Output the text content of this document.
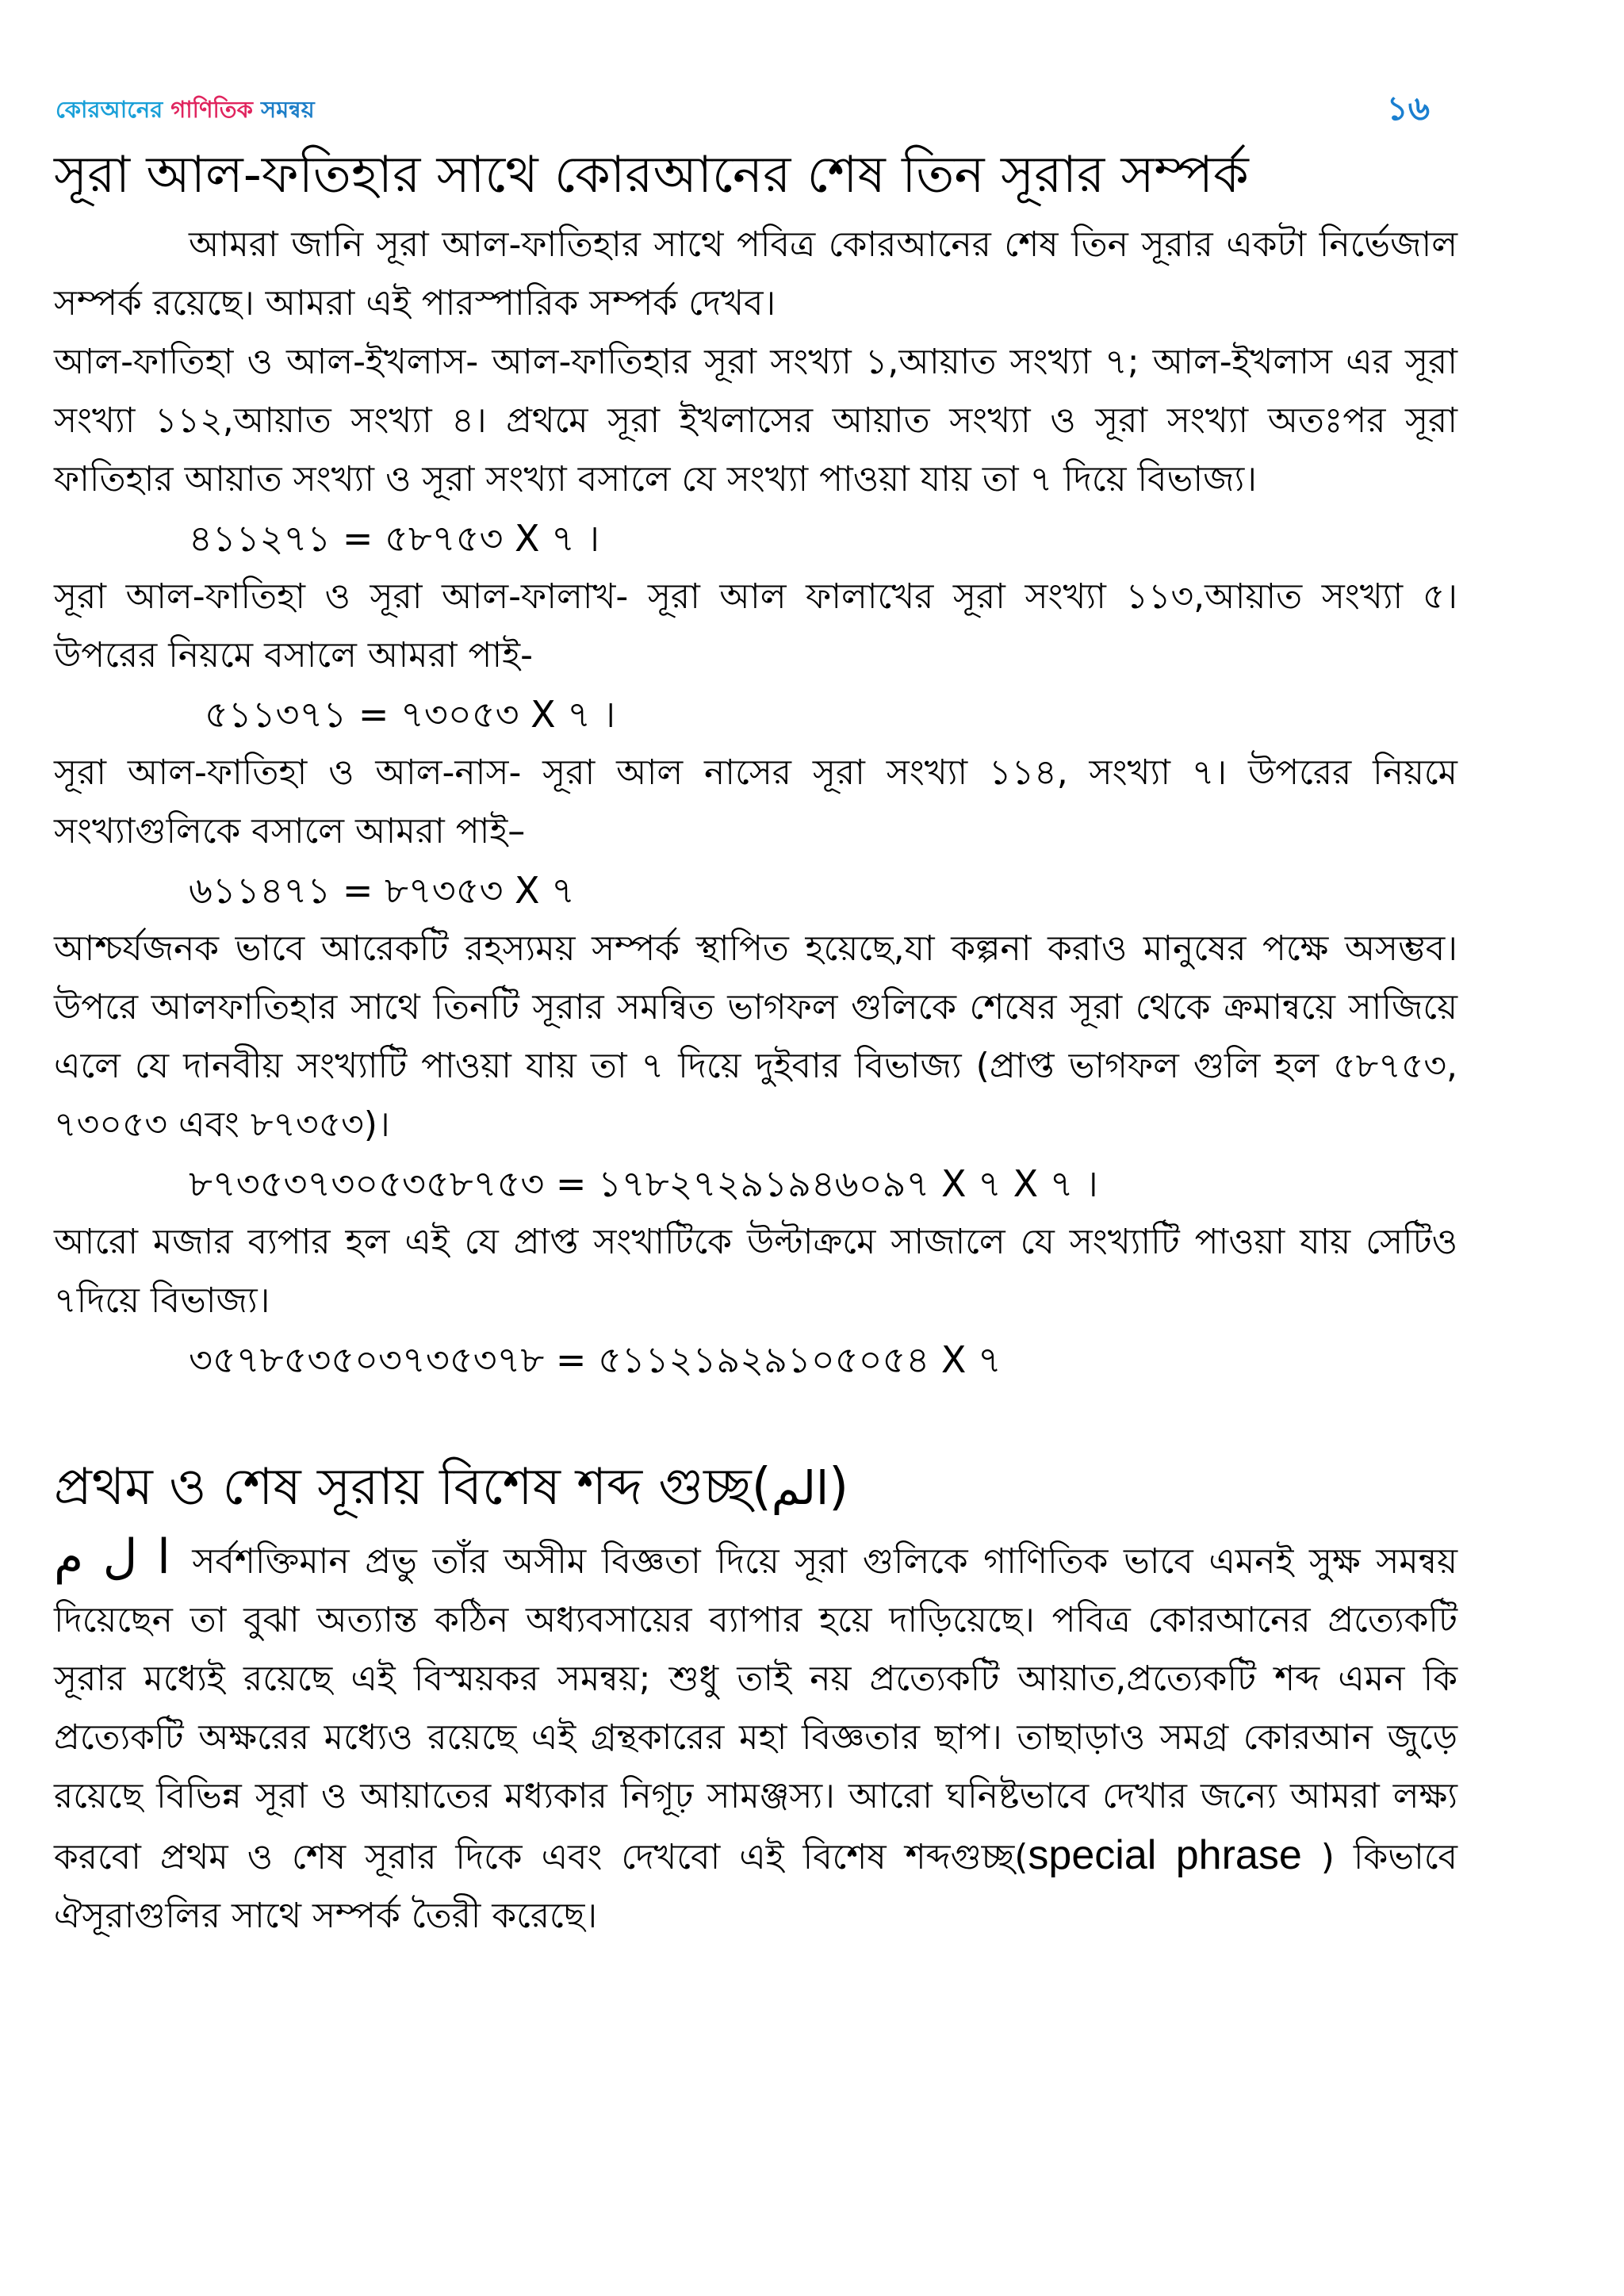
কোরআনের গাণিতিক সমন্বয়	১৬
সূরা আল-ফতিহার সাথে কোরআনের শেষ তিন সূরার সম্পর্ক

আমরা জানি সূরা আল-ফাতিহার সাথে পবিত্র কোরআনের শেষ তিন সূরার একটা নির্ভেজাল সম্পর্ক রয়েছে। আমরা এই পারস্পারিক সম্পর্ক দেখব।

আল-ফাতিহা ও আল-ইখলাস- আল-ফাতিহার সূরা সংখ্যা ১,আয়াত সংখ্যা ৭; আল-ইখলাস এর সূরা সংখ্যা ১১২,আয়াত সংখ্যা ৪। প্রথমে সূরা ইখলাসের আয়াত সংখ্যা ও সূরা সংখ্যা অতঃপর সূরা ফাতিহার আয়াত সংখ্যা ও সূরা সংখ্যা বসালে যে সংখ্যা পাওয়া যায় তা ৭ দিয়ে বিভাজ্য।

৪১১২৭১ = ৫৮৭৫৩ X ৭ ।

সূরা আল-ফাতিহা ও সূরা আল-ফালাখ- সূরা আল ফালাখের সূরা সংখ্যা ১১৩,আয়াত সংখ্যা ৫। উপরের নিয়মে বসালে আমরা পাই-

৫১১৩৭১ = ৭৩০৫৩ X ৭ ।

সূরা আল-ফাতিহা ও আল-নাস- সূরা আল নাসের সূরা সংখ্যা ১১৪, সংখ্যা ৭। উপরের নিয়মে সংখ্যাগুলিকে বসালে আমরা পাই–

৬১১৪৭১ = ৮৭৩৫৩ X ৭

আশ্চর্যজনক ভাবে আরেকটি রহস্যময় সম্পর্ক স্থাপিত হয়েছে,যা কল্পনা করাও মানুষের পক্ষে অসম্ভব। উপরে আলফাতিহার সাথে তিনটি সূরার সমন্বিত ভাগফল গুলিকে শেষের সূরা থেকে ক্রমান্বয়ে সাজিয়ে এলে যে দানবীয় সংখ্যাটি পাওয়া যায় তা ৭ দিয়ে দুইবার বিভাজ্য (প্রাপ্ত ভাগফল গুলি হল ৫৮৭৫৩, ৭৩০৫৩ এবং ৮৭৩৫৩)।

৮৭৩৫৩৭৩০৫৩৫৮৭৫৩ = ১৭৮২৭২৯১৯৪৬০৯৭ X ৭ X ৭ ।

আরো মজার ব্যপার হল এই যে প্রাপ্ত সংখাটিকে উল্টাক্রমে সাজালে যে সংখ্যাটি পাওয়া যায় সেটিও ৭দিয়ে বিভাজ্য।

৩৫৭৮৫৩৫০৩৭৩৫৩৭৮ = ৫১১২১৯২৯১০৫০৫৪ X ৭

প্রথম ও শেষ সূরায় বিশেষ শব্দ গুচ্ছ(الم)

ا ل م সর্বশক্তিমান প্রভু তাঁর অসীম বিজ্ঞতা দিয়ে সূরা গুলিকে গাণিতিক ভাবে এমনই সুক্ষ সমন্বয় দিয়েছেন তা বুঝা অত্যান্ত কঠিন অধ্যবসায়ের ব্যাপার হয়ে দাড়িয়েছে। পবিত্র কোরআনের প্রত্যেকটি সূরার মধ্যেই রয়েছে এই বিস্ময়কর সমন্বয়; শুধু তাই নয় প্রত্যেকটি আয়াত,প্রত্যেকটি শব্দ এমন কি প্রত্যেকটি অক্ষরের মধ্যেও রয়েছে এই গ্রন্থকারের মহা বিজ্ঞতার ছাপ। তাছাড়াও সমগ্র কোরআন জুড়ে রয়েছে বিভিন্ন সূরা ও আয়াতের মধ্যকার নিগূঢ় সামঞ্জস্য। আরো ঘনিষ্টভাবে দেখার জন্যে আমরা লক্ষ্য করবো প্রথম ও শেষ সূরার দিকে এবং দেখবো এই বিশেষ শব্দগুচ্ছ(special phrase ) কিভাবে ঐসূরাগুলির সাথে সম্পর্ক তৈরী করেছে।
